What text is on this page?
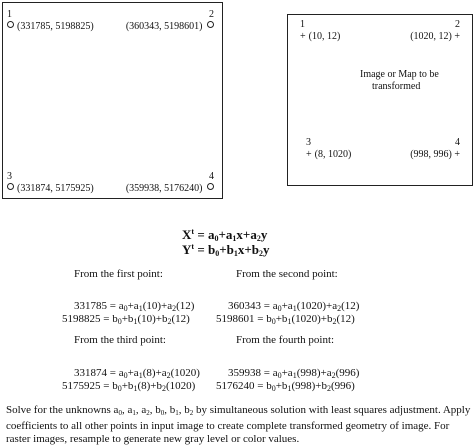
1
(331785, 5198825)
2
(360343, 5198601)
3
(331874, 5175925)
4
(359938, 5176240)
1
+ (10, 12)
2
(1020, 12) +
Image or Map to be
transformed
3
+ (8, 1020)
4
(998, 996) +
$X^t = a_0+a_1x+a_2y$
$Y^t = b_0+b_1x+b_2y$
From the first point:
$331785 = a_0+a_1(10)+a_2(12)$
$5198825 = b_0+b_1(10)+b_2(12)$
From the second point:
$360343 = a_0+a_1(1020)+a_2(12)$
$5198601 = b_0+b_1(1020)+b_2(12)$
From the third point:
$331874 = a_0+a_1(8)+a_2(1020)$
$5175925 = b_0+b_1(8)+b_2(1020)$
From the fourth point:
$359938 = a_0+a_1(998)+a_2(996)$
$5176240 = b_0+b_1(998)+b_2(996)$
Solve for the unknowns $a_0$, $a_1$, $a_2$, $b_0$, $b_1$, $b_2$ by simultaneous solution with least squares adjustment. Apply coefficients to all other points in input image to create complete transformed geometry of image. For raster images, resample to generate new gray level or color values.
